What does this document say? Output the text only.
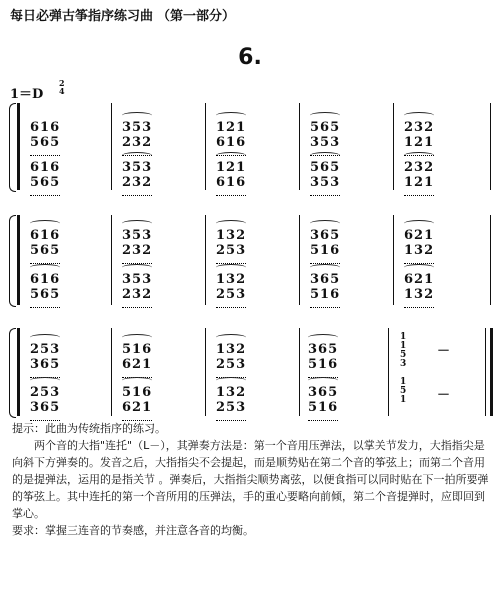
每日必弹古筝指序练习曲 （第一部分）
6.
1＝D
2
4
616 565
353 232
121 616
565 353
232 121
616 565
353 232
121 616
565 353
232 121
616 565
353 232
132 253
365 516
621 132
616 565
353 232
132 253
365 516
621 132
253 365
516 621
132 253
365 516
253 365
516 621
132 253
365 516
1
1
5
3
－
1
5
1 －

提示：此曲为传统指序的练习。

两个音的大指"连托"（L－），其弹奏方法是：第一个音用压弹法，以掌关节发力，大指指尖是向斜下方弹奏的。发音之后，大指指尖不会提起，而是顺势贴在第二个音的筝弦上；而第二个音用的是提弹法，运用的是指关节 。弹奏后，大指指尖顺势离弦，以便食指可以同时贴在下一拍所要弹的筝弦上。其中连托的第一个音所用的压弹法，手的重心要略向前倾，第二个音提弹时，应即回到掌心。

要求：掌握三连音的节奏感，并注意各音的均衡。
